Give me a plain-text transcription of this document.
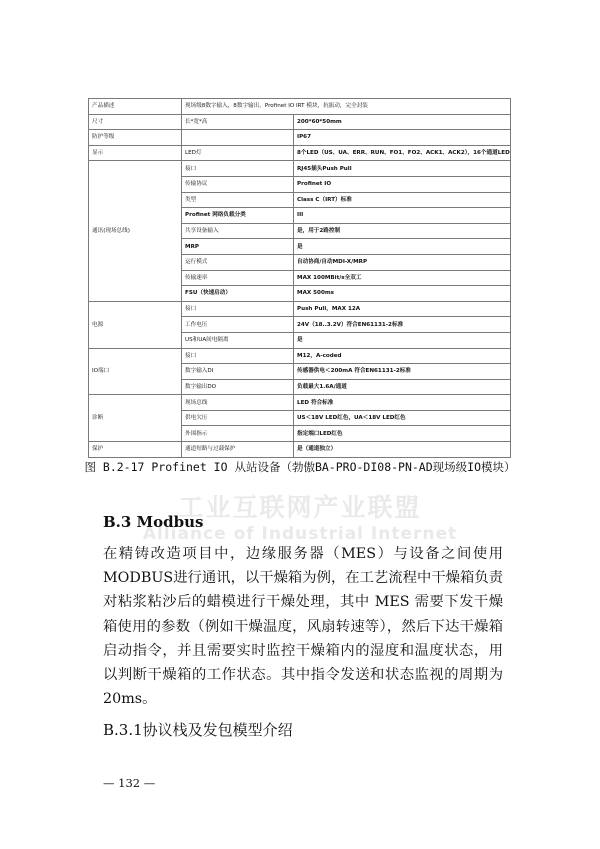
产品描述	现场级8数字输入，8数字输出，Profinet IO IRT 模块，抗振动，完全封装	
尺寸	长*宽*高	200*60*50mm
防护等级		IP67
显示	LED灯	8个LED（US、UA、ERR、RUN、FO1、FO2、ACK1、ACK2），16个通道LED
通讯(现场总线)	接口	RJ45插头Push Pull
	传输协议	Profinet IO
	类型	Class C（IRT）标准
	Profinet 网络负载分类	III
	共享设备输入	是，用于2路控制
	MRP	是
	运行模式	自动协商/自动MDI-X/MRP
	传输速率	MAX 100MBit/s全双工
	FSU（快速启动）	MAX 500ms
电源	接口	Push Pull，MAX 12A
	工作电压	24V（18..3.2V）符合EN61131-2标准
	US和UA间电隔离	是
IO端口	接口	M12，A-coded
	数字输入DI	传感器供电＜200mA 符合EN61131-2标准
	数字输出DO	负载最大1.6A/通道
诊断	现场总线	LED 符合标准
	供电欠压	US＜18V LED红色，UA＜18V LED红色
	外围指示	指定端口LED红色
保护	通道短路与过载保护	是（通道独立）
工业互联网产业联盟
Alliance of Industrial Internet
图 B.2-17 Profinet IO 从站设备（勃傲BA-PRO-DI08-PN-AD现场级IO模块）
B.3 Modbus

在精铸改造项目中，边缘服务器（MES）与设备之间使用MODBUS进行通讯，以干燥箱为例，在工艺流程中干燥箱负责对粘浆粘沙后的蜡模进行干燥处理，其中 MES 需要下发干燥箱使用的参数（例如干燥温度，风扇转速等），然后下达干燥箱启动指令，并且需要实时监控干燥箱内的湿度和温度状态，用以判断干燥箱的工作状态。其中指令发送和状态监视的周期为 20ms。

B.3.1协议栈及发包模型介绍
— 132 —
